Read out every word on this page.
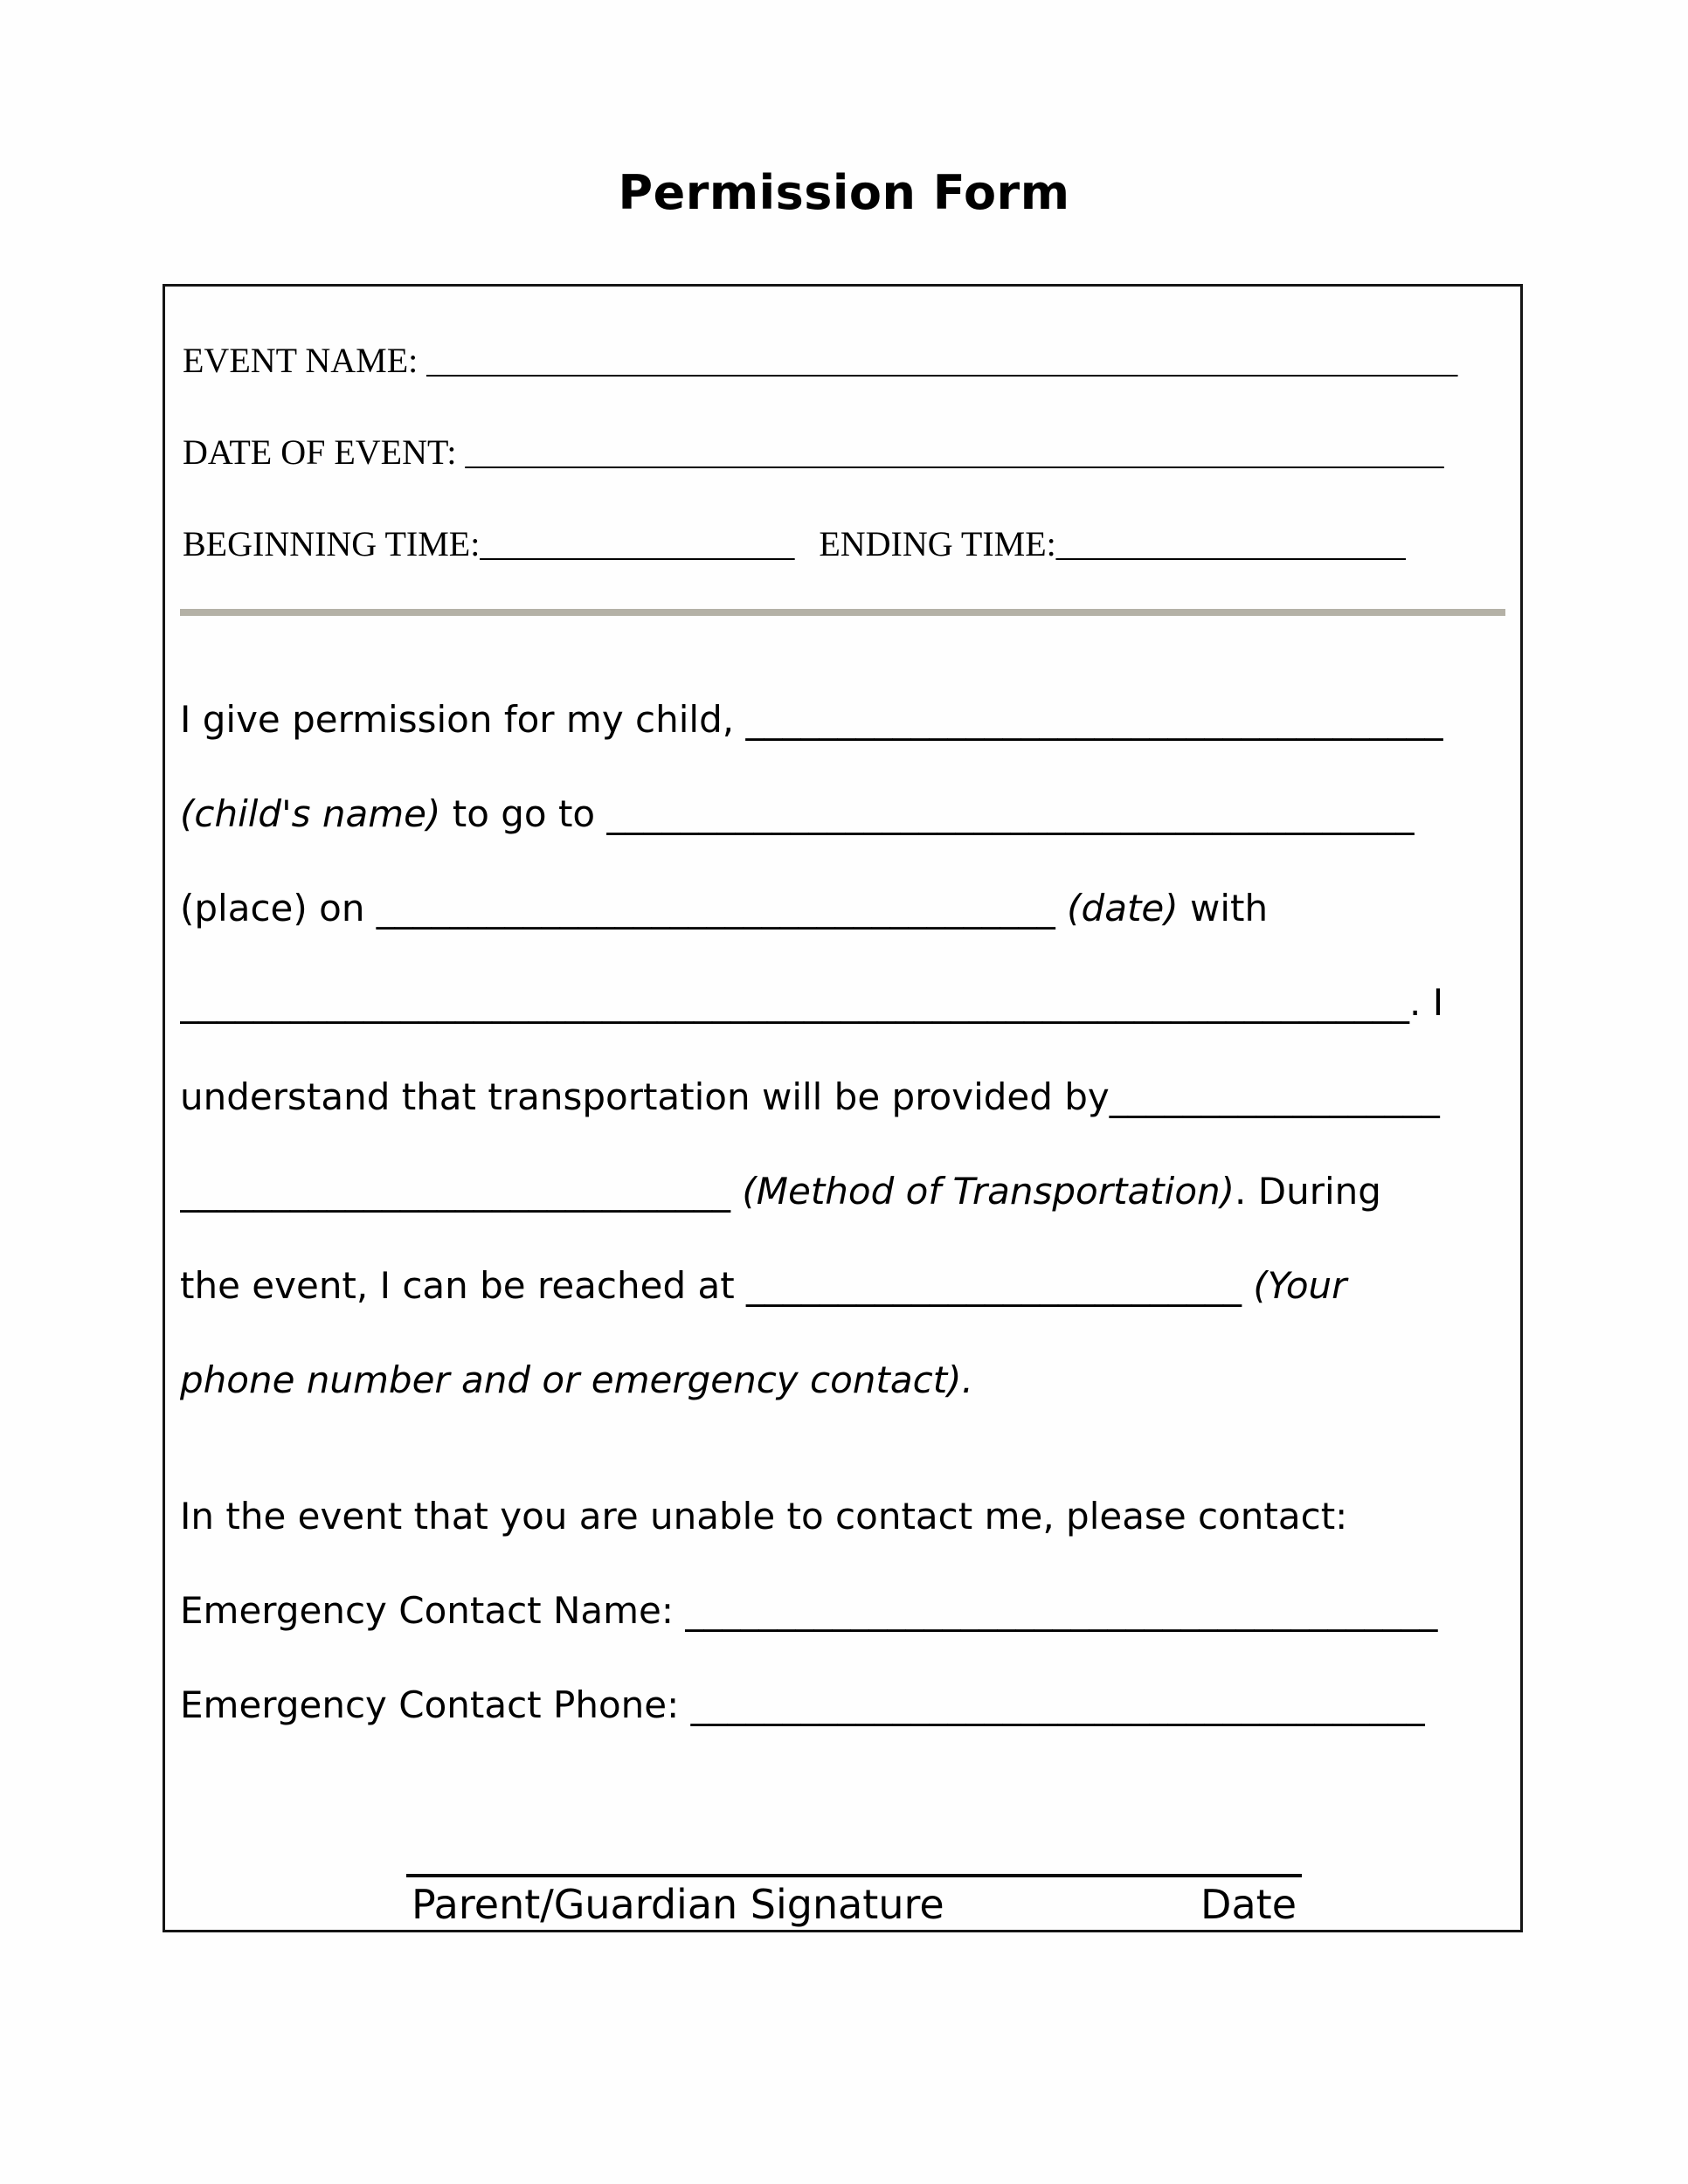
Permission Form
EVENT NAME: ___________________________________________________________
DATE OF EVENT: ________________________________________________________
BEGINNING TIME:__________________ ENDING TIME:____________________
I give permission for my child, ______________________________________
(child's name) to go to ____________________________________________
(place) on _____________________________________ (date) with
___________________________________________________________________. I
understand that transportation will be provided by__________________
______________________________ (Method of Transportation). During
the event, I can be reached at ___________________________ (Your
phone number and or emergency contact).
In the event that you are unable to contact me, please contact:
Emergency Contact Name: _________________________________________
Emergency Contact Phone: ________________________________________
Parent/Guardian Signature	Date
